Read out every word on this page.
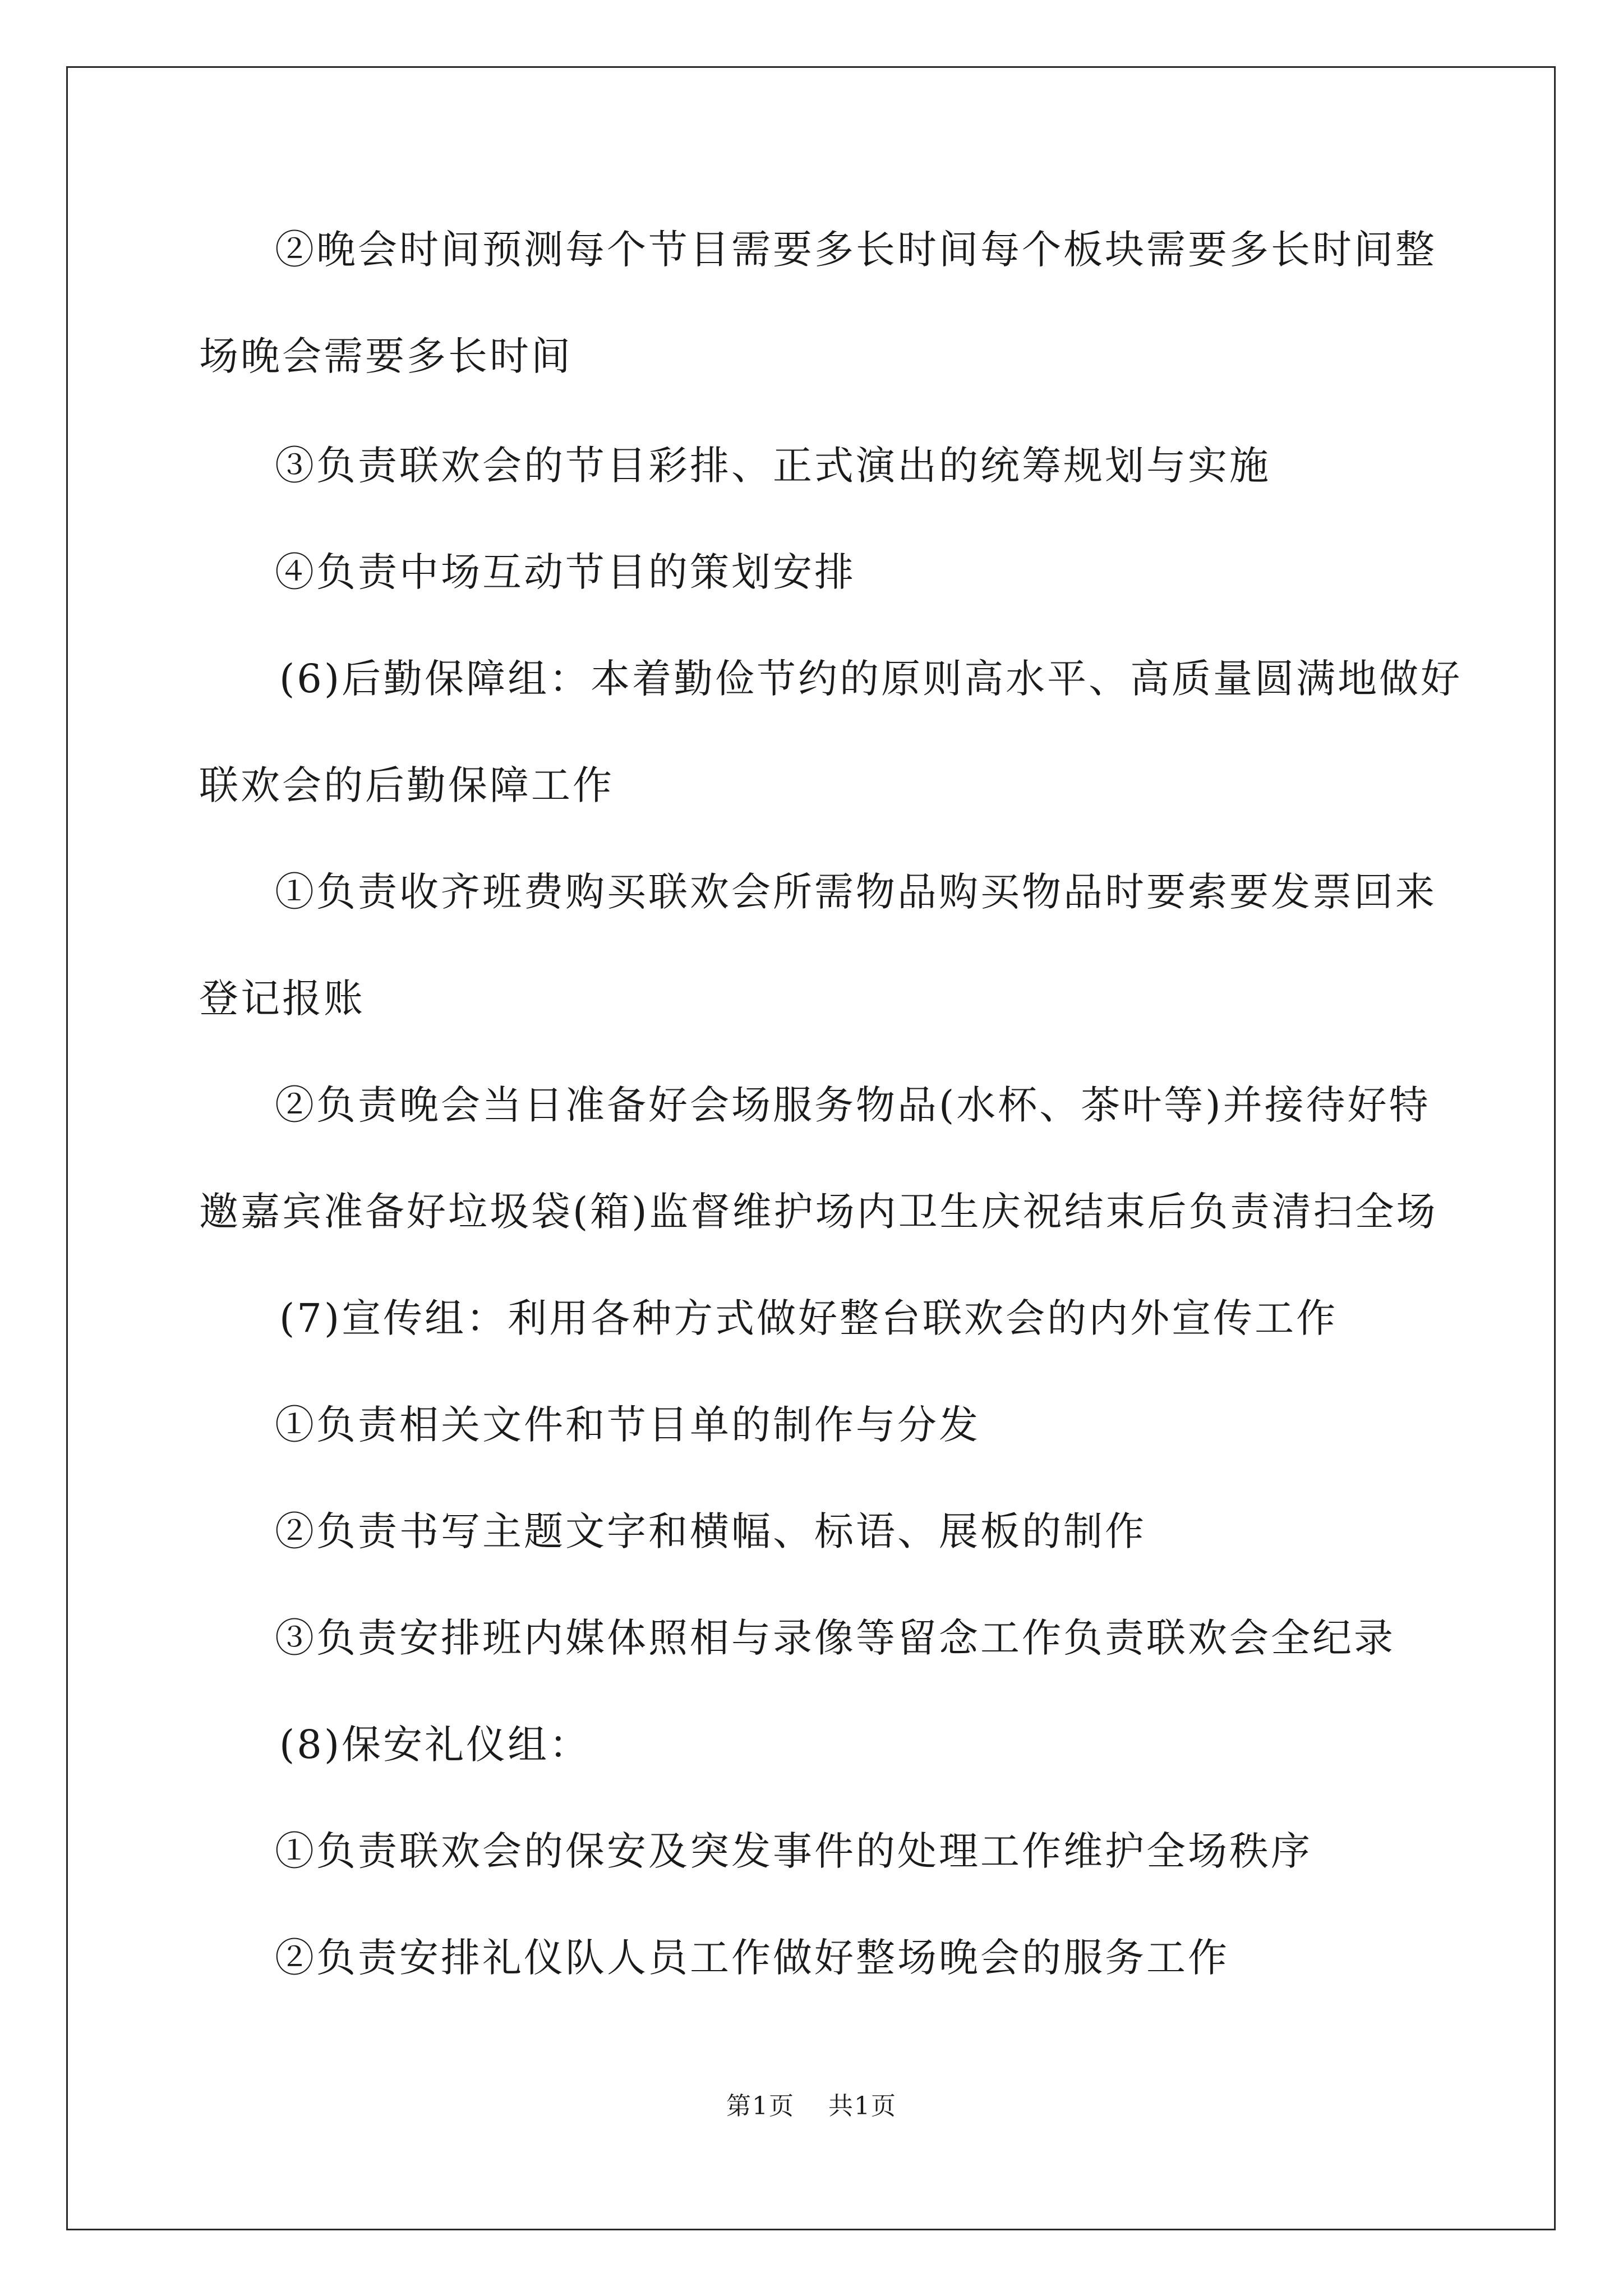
②晚会时间预测每个节目需要多长时间每个板块需要多长时间整
场晚会需要多长时间
③负责联欢会的节目彩排、正式演出的统筹规划与实施
④负责中场互动节目的策划安排
(6)后勤保障组：本着勤俭节约的原则高水平、高质量圆满地做好
联欢会的后勤保障工作
①负责收齐班费购买联欢会所需物品购买物品时要索要发票回来
登记报账
②负责晚会当日准备好会场服务物品(水杯、茶叶等)并接待好特
邀嘉宾准备好垃圾袋(箱)监督维护场内卫生庆祝结束后负责清扫全场
(7)宣传组：利用各种方式做好整台联欢会的内外宣传工作
①负责相关文件和节目单的制作与分发
②负责书写主题文字和横幅、标语、展板的制作
③负责安排班内媒体照相与录像等留念工作负责联欢会全纪录
(8)保安礼仪组：
①负责联欢会的保安及突发事件的处理工作维护全场秩序
②负责安排礼仪队人员工作做好整场晚会的服务工作
第1页 共1页
